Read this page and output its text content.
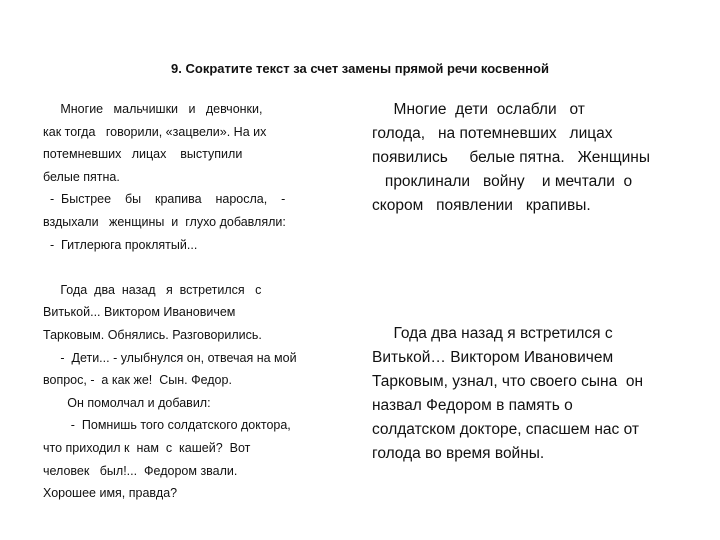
9. Сократите текст за счет замены прямой речи косвенной
Многие   мальчишки   и   девчонки,
как тогда   говорили, «зацвели». На их
потемневших   лицах    выступили
белые пятна.
-  Быстрее    бы    крапива    наросла,    -
вздыхали   женщины  и  глухо добавляли:
-  Гитлерюга проклятый...
Года  два  назад   я  встретился   с
Витькой... Виктором Ивановичем
Тарковым. Обнялись. Разговорились.
-  Дети... - улыбнулся он, отвечая на мой
вопрос, -  а как же!  Сын. Федор.
Он помолчал и добавил:
-  Помнишь того солдатского доктора,
что приходил к  нам  с  кашей?  Вот
человек   был!...  Федором звали.
Хорошее имя, правда?
Многие  дети  ослабли   от
голода,   на потемневших   лицах
появились     белые пятна.   Женщины
проклинали   войну    и мечтали  о
скором   появлении   крапивы.
Года два назад я встретился с
Витькой… Виктором Ивановичем
Тарковым, узнал, что своего сына  он
назвал Федором в память о
солдатском докторе, спасшем нас от
голода во время войны.
